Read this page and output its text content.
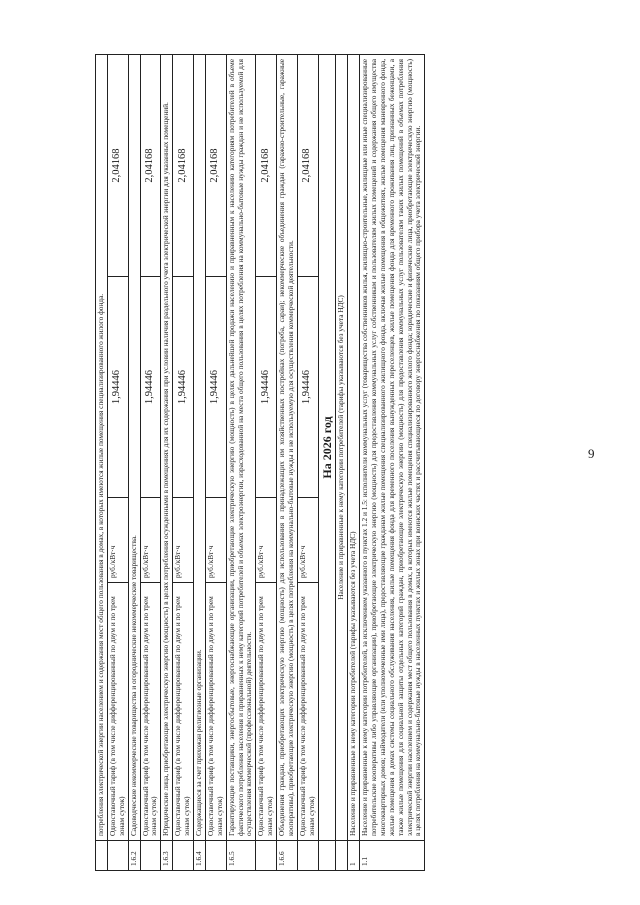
9
	потребления электрической энергии населением и содержания мест общего пользования в домах, в которых имеются жилые помещения специализированного жилого фонда.			
	Одноставочный тариф (в том числе дифференцированный по двум и по трем зонам суток)	руб./кВт·ч	1,94446	2,04168
1.6.2	Садоводческие некоммерческие товарищества и огороднические некоммерческие товарищества.			
	Одноставочный тариф (в том числе дифференцированный по двум и по трем зонам суток)	руб./кВт·ч	1,94446	2,04168
1.6.3	Юридические лица, приобретающие электрическую энергию (мощность) в целях потребления осужденными в помещениях для их содержания при условии наличия раздельного учета электрической энергии для указанных помещений.			
	Одноставочный тариф (в том числе дифференцированный по двум и по трем зонам суток)	руб./кВт·ч	1,94446	2,04168
1.6.4	Содержащиеся за счет прихожан религиозные организации.			
	Одноставочный тариф (в том числе дифференцированный по двум и по трем зонам суток)	руб./кВт·ч	1,94446	2,04168
1.6.5	Гарантирующие поставщики, энергосбытовые, энергоснабжающие организации, приобретающие электрическую энергию (мощность) в целях дальнейшей продажи населению и приравненным к населению категориям потребителей в объеме фактического потребления населения и приравненных к нему категорий потребителей и объемах электроэнергии, израсходованной на места общего пользования в целях потребления на коммунально-бытовые нужды граждан и не используемой для осуществления коммерческой (профессиональной) деятельности.			
	Одноставочный тариф (в том числе дифференцированный по двум и по трем зонам суток)	руб./кВт·ч	1,94446	2,04168
1.6.6	Объединения граждан, приобретающих электрическую энергию (мощность) для использования в принадлежащих им хозяйственных постройках (погреба, сараи); некоммерческие объединения граждан (гаражно-строительные, гаражные кооперативы), приобретающие электрическую энергию (мощность) в целях потребления на коммунально-бытовые нужды и не используемую для осуществления коммерческой деятельности.			
	Одноставочный тариф (в том числе дифференцированный по двум и по трем зонам суток)	руб./кВт·ч	1,94446	2,04168
	На 2026 год			
	Население и приравненные к нему категории потребителей (тарифы указываются без учета НДС)			
1	Население и приравненные к нему категории потребителей (тарифы указываются без учета НДС)			
1.1	Население и приравненные к нему категории потребителей, за исключением указанного в пунктах 1.2 и 1.5: исполнители коммунальных услуг (товарищества собственников жилья, жилищно-строительные, жилищные или иные специализированные потребительские кооперативы либо управляющие организации), приобретающие электрическую энергию (мощность) для предоставления коммунальных услуг собственникам и пользователям жилых помещений и содержания общего имущества многоквартирных домов; наймодатели (или уполномоченные ими лица), предоставляющие гражданам жилые помещения специализированного жилищного фонда, включая жилые помещения в общежитиях, жилые помещения маневренного фонда, жилые помещения в домах системы социального обслуживания населения, жилые помещения фонда для временного поселения вынужденных переселенцев, жилые помещения фонда для временного проживания лиц, признанных беженцами, а также жилые помещения для социальной защиты отдельных категорий граждан, приобретающие электрическую энергию (мощность) для предоставления коммунальных услуг пользователям таких жилых помещений в объемах потребления электрической энергии населением и содержания мест общего пользования в домах, в которых имеются жилые помещения специализированного жилого фонда; юридические и физические лица, приобретающие электрическую энергию (мощность) в целях потребления на коммунально-бытовые нужды в населенных пунктах и жилых зонах при воинских частях и рассчитывающиеся по договору энергоснабжения по показаниям общего прибора учета электрической энергии.			
